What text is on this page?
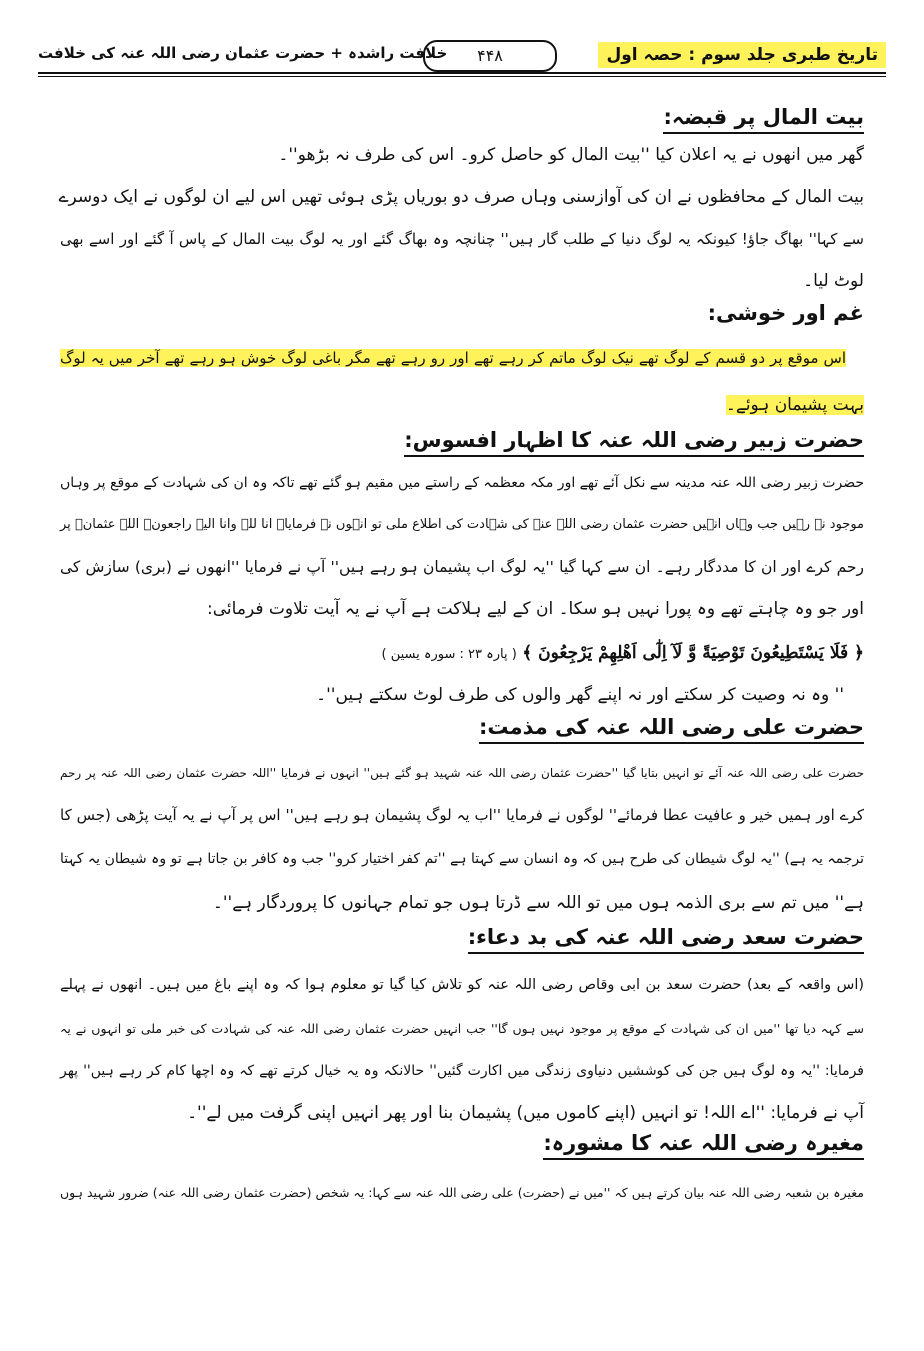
تاریخ طبری جلد سوم : حصہ اول
۴۴۸
خلافت راشدہ + حضرت عثمان رضی اللہ عنہ کی خلافت
بیت المال پر قبضہ:
گھر میں انھوں نے یہ اعلان کیا ''بیت المال کو حاصل کرو۔ اس کی طرف نہ بڑھو''۔
بیت المال کے محافظوں نے ان کی آوازسنی وہاں صرف دو بوریاں پڑی ہوئی تھیں اس لیے ان لوگوں نے ایک دوسرے
سے کہا'' بھاگ جاؤ! کیونکہ یہ لوگ دنیا کے طلب گار ہیں'' چنانچہ وہ بھاگ گئے اور یہ لوگ بیت المال کے پاس آ گئے اور اسے بھی
لوٹ لیا۔
غم اور خوشی:
اس موقع پر دو قسم کے لوگ تھے نیک لوگ ماتم کر رہے تھے اور رو رہے تھے مگر باغی لوگ خوش ہو رہے تھے آخر میں یہ لوگ
بہت پشیمان ہوئے۔
حضرت زبیر رضی اللہ عنہ کا اظہار افسوس:
حضرت زبیر رضی اللہ عنہ مدینہ سے نکل آئے تھے اور مکہ معظمہ کے راستے میں مقیم ہو گئے تھے تاکہ وہ ان کی شہادت کے موقع پر وہاں
موجود نہ رہیں جب وہاں انہیں حضرت عثمان رضی اللہ عنہ کی شہادت کی اطلاع ملی تو انہوں نے فرمایا۔ انا للہ وانا الیہ راجعون۔ اللہ عثمانؓ پر
رحم کرے اور ان کا مددگار رہے۔ ان سے کہا گیا ''یہ لوگ اب پشیمان ہو رہے ہیں'' آپ نے فرمایا ''انھوں نے (بری) سازش کی
اور جو وہ چاہتے تھے وہ پورا نہیں ہو سکا۔ ان کے لیے ہلاکت ہے آپ نے یہ آیت تلاوت فرمائی:
﴿ فَلَا يَسْتَطِيعُونَ تَوْصِيَةً وَّ لَآ اِلٰٓى اَهْلِهِمْ يَرْجِعُونَ ﴾ ( پارہ ۲۳ : سورہ یسین )
'' وہ نہ وصیت کر سکتے اور نہ اپنے گھر والوں کی طرف لوٹ سکتے ہیں''۔
حضرت علی رضی اللہ عنہ کی مذمت:
حضرت علی رضی اللہ عنہ آئے تو انہیں بتایا گیا ''حضرت عثمان رضی اللہ عنہ شہید ہو گئے ہیں'' انہوں نے فرمایا ''اللہ حضرت عثمان رضی اللہ عنہ پر رحم
کرے اور ہمیں خیر و عافیت عطا فرمائے'' لوگوں نے فرمایا ''اب یہ لوگ پشیمان ہو رہے ہیں'' اس پر آپ نے یہ آیت پڑھی (جس کا
ترجمہ یہ ہے) ''یہ لوگ شیطان کی طرح ہیں کہ وہ انسان سے کہتا ہے ''تم کفر اختیار کرو'' جب وہ کافر بن جاتا ہے تو وہ شیطان یہ کہتا
ہے'' میں تم سے بری الذمہ ہوں میں تو اللہ سے ڈرتا ہوں جو تمام جہانوں کا پروردگار ہے''۔
حضرت سعد رضی اللہ عنہ کی بد دعاء:
(اس واقعہ کے بعد) حضرت سعد بن ابی وقاص رضی اللہ عنہ کو تلاش کیا گیا تو معلوم ہوا کہ وہ اپنے باغ میں ہیں۔ انھوں نے پہلے
سے کہہ دیا تھا ''میں ان کی شہادت کے موقع پر موجود نہیں ہوں گا'' جب انہیں حضرت عثمان رضی اللہ عنہ کی شہادت کی خبر ملی تو انہوں نے یہ
فرمایا: ''یہ وہ لوگ ہیں جن کی کوششیں دنیاوی زندگی میں اکارت گئیں'' حالانکہ وہ یہ خیال کرتے تھے کہ وہ اچھا کام کر رہے ہیں'' پھر
آپ نے فرمایا: ''اے اللہ! تو انہیں (اپنے کاموں میں) پشیمان بنا اور پھر انہیں اپنی گرفت میں لے''۔
مغیرہ رضی اللہ عنہ کا مشورہ:
مغیرہ بن شعبہ رضی اللہ عنہ بیان کرتے ہیں کہ ''میں نے (حضرت) علی رضی اللہ عنہ سے کہا: یہ شخص (حضرت عثمان رضی اللہ عنہ) ضرور شہید ہوں
